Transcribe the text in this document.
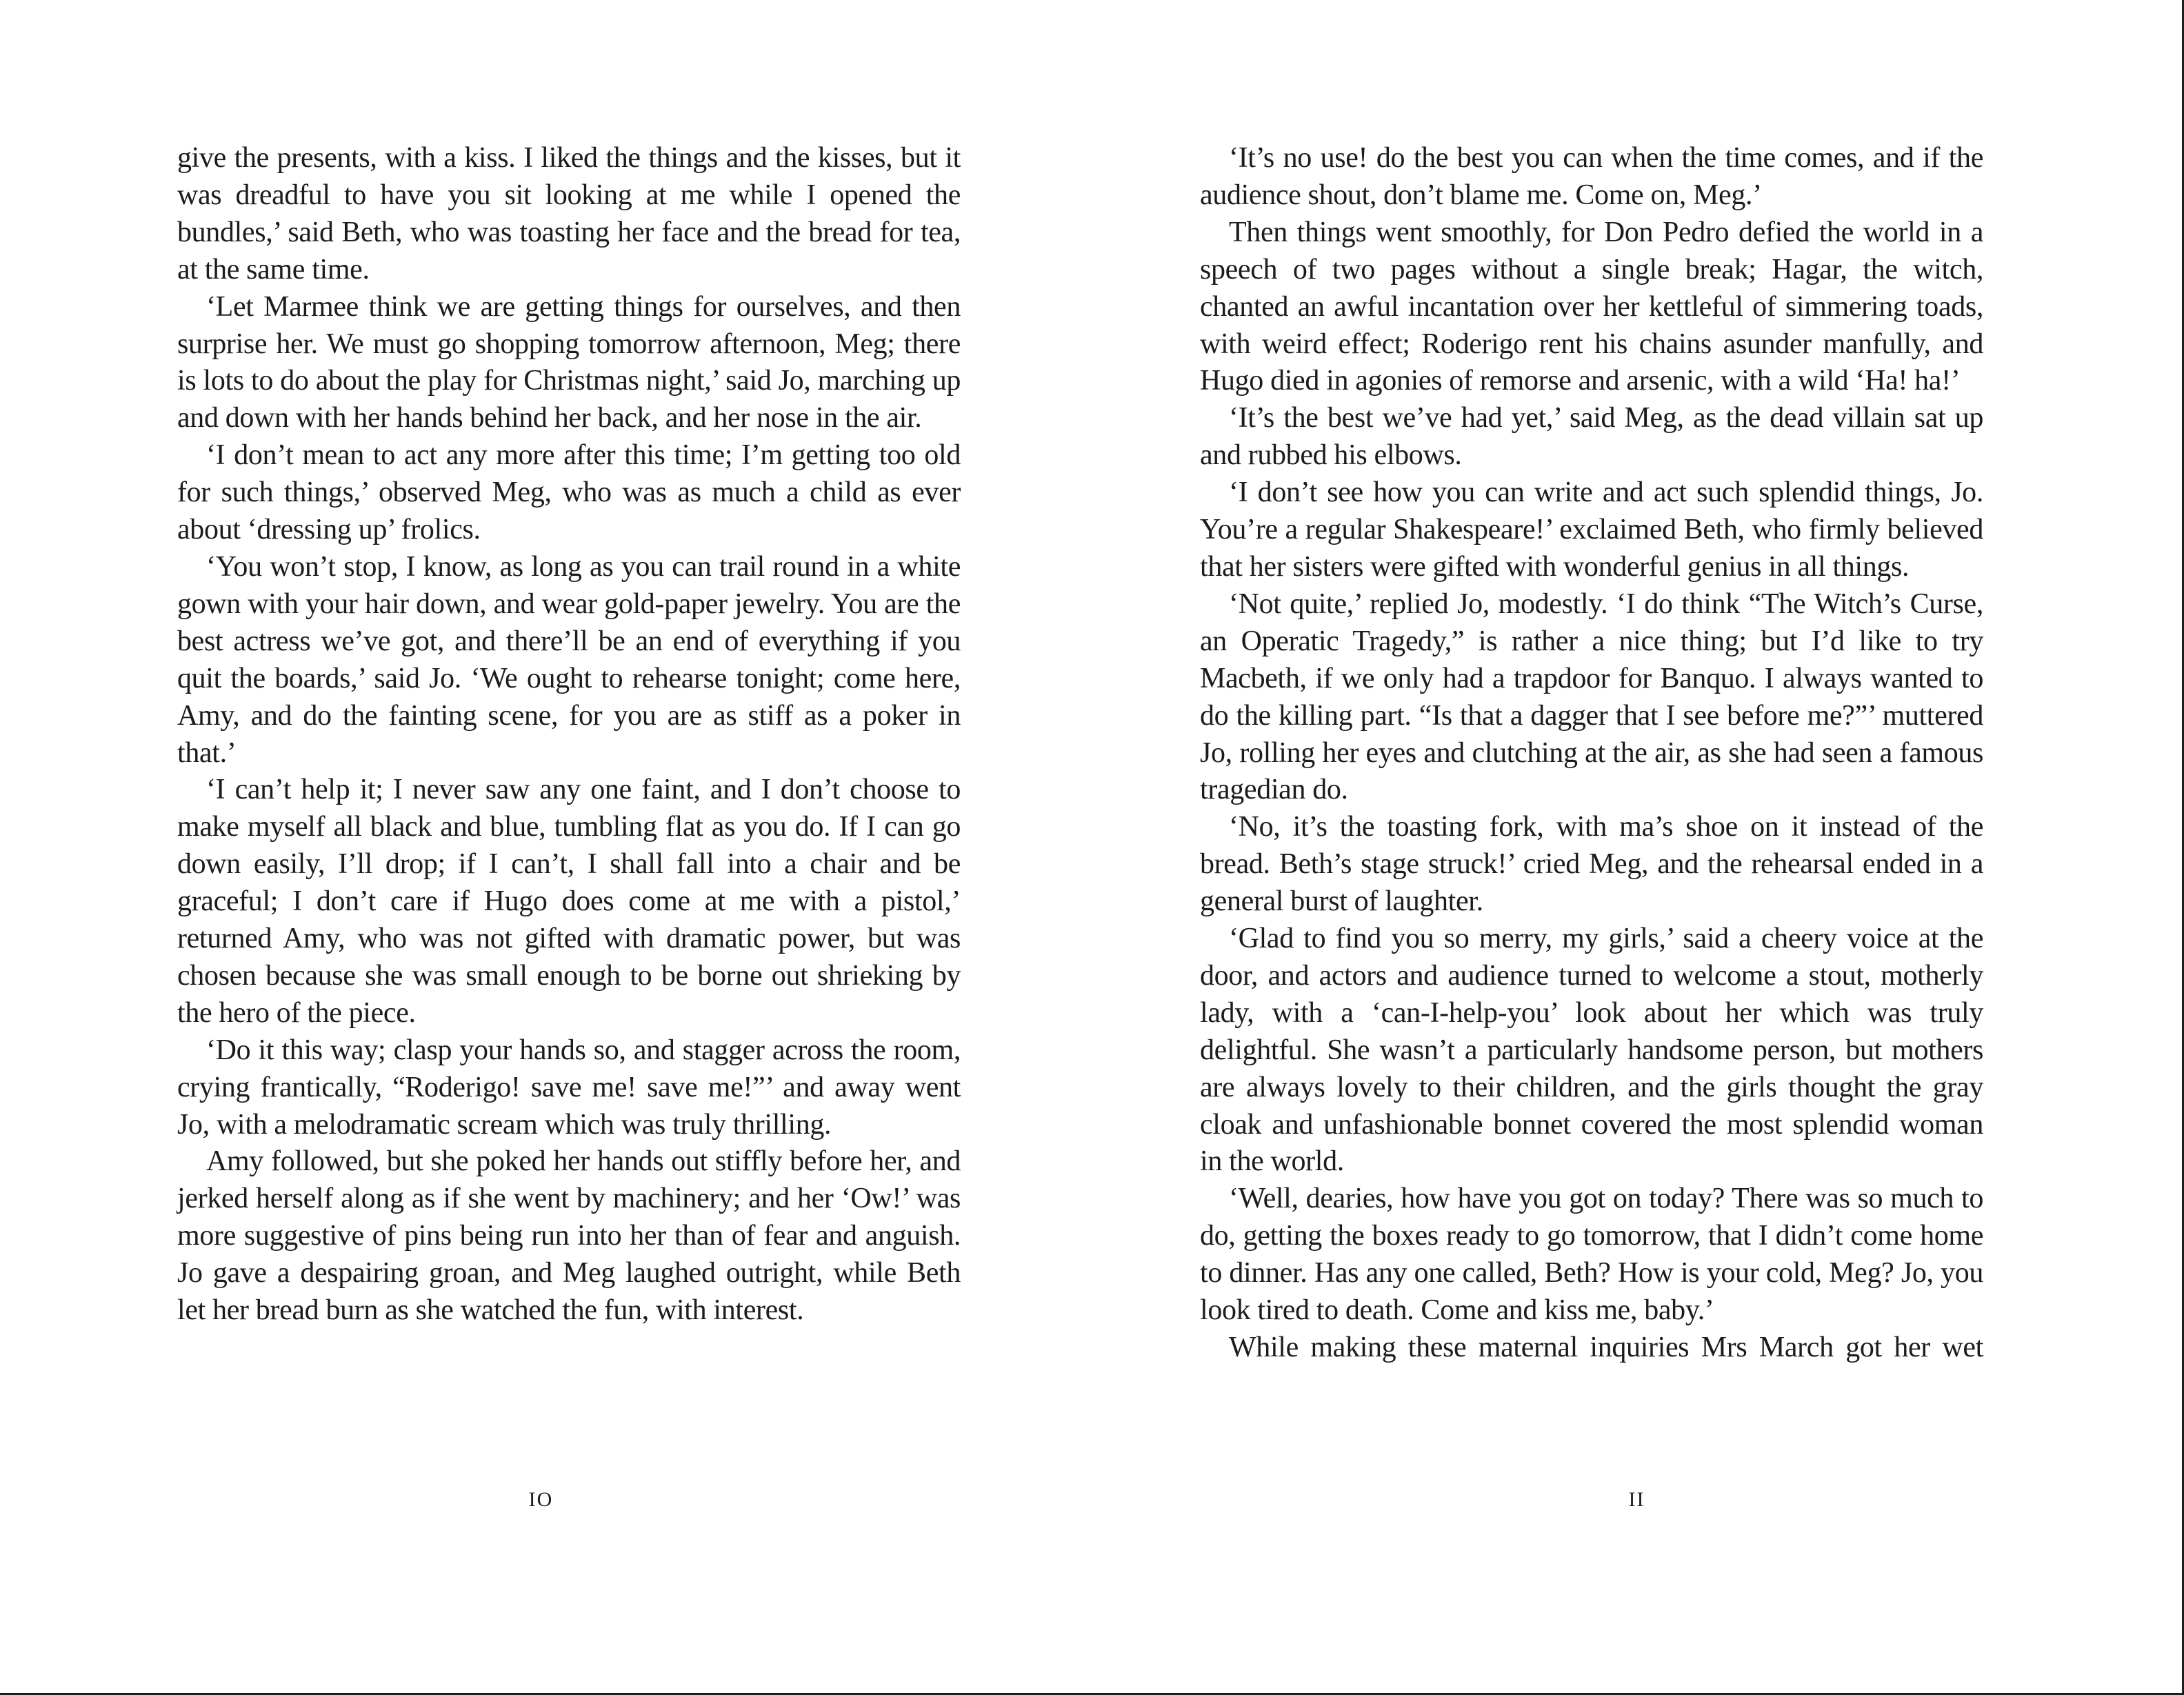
give the presents, with a kiss. I liked the things and the kisses, but it was dreadful to have you sit looking at me while I opened the bundles,’ said Beth, who was toasting her face and the bread for tea, at the same time.

‘Let Marmee think we are getting things for ourselves, and then surprise her. We must go shopping tomorrow afternoon, Meg; there is lots to do about the play for Christmas night,’ said Jo, marching up and down with her hands behind her back, and her nose in the air.

‘I don’t mean to act any more after this time; I’m getting too old for such things,’ observed Meg, who was as much a child as ever about ‘dressing up’ frolics.

‘You won’t stop, I know, as long as you can trail round in a white gown with your hair down, and wear gold-paper jewelry. You are the best actress we’ve got, and there’ll be an end of everything if you quit the boards,’ said Jo. ‘We ought to rehearse tonight; come here, Amy, and do the fainting scene, for you are as stiff as a poker in that.’

‘I can’t help it; I never saw any one faint, and I don’t choose to make myself all black and blue, tumbling flat as you do. If I can go down easily, I’ll drop; if I can’t, I shall fall into a chair and be graceful; I don’t care if Hugo does come at me with a pistol,’ returned Amy, who was not gifted with dramatic power, but was chosen because she was small enough to be borne out shrieking by the hero of the piece.

‘Do it this way; clasp your hands so, and stagger across the room, crying frantically, “Roderigo! save me! save me!”’ and away went Jo, with a melodramatic scream which was truly thrilling.

Amy followed, but she poked her hands out stiffly before her, and jerked herself along as if she went by machinery; and her ‘Ow!’ was more suggestive of pins being run into her than of fear and anguish. Jo gave a despairing groan, and Meg laughed outright, while Beth let her bread burn as she watched the fun, with interest.

IO

‘It’s no use! do the best you can when the time comes, and if the audience shout, don’t blame me. Come on, Meg.’

Then things went smoothly, for Don Pedro defied the world in a speech of two pages without a single break; Hagar, the witch, chanted an awful incantation over her kettleful of simmering toads, with weird effect; Roderigo rent his chains asunder manfully, and Hugo died in agonies of remorse and arsenic, with a wild ‘Ha! ha!’

‘It’s the best we’ve had yet,’ said Meg, as the dead villain sat up and rubbed his elbows.

‘I don’t see how you can write and act such splendid things, Jo. You’re a regular Shakespeare!’ exclaimed Beth, who firmly believed that her sisters were gifted with wonderful genius in all things.

‘Not quite,’ replied Jo, modestly. ‘I do think “The Witch’s Curse, an Operatic Tragedy,” is rather a nice thing; but I’d like to try Macbeth, if we only had a trapdoor for Banquo. I always wanted to do the killing part. “Is that a dagger that I see before me?”’ muttered Jo, rolling her eyes and clutching at the air, as she had seen a famous tragedian do.

‘No, it’s the toasting fork, with ma’s shoe on it instead of the bread. Beth’s stage struck!’ cried Meg, and the rehearsal ended in a general burst of laughter.

‘Glad to find you so merry, my girls,’ said a cheery voice at the door, and actors and audience turned to welcome a stout, motherly lady, with a ‘can-I-help-you’ look about her which was truly delightful. She wasn’t a particularly handsome person, but mothers are always lovely to their children, and the girls thought the gray cloak and unfashionable bonnet covered the most splendid woman in the world.

‘Well, dearies, how have you got on today? There was so much to do, getting the boxes ready to go tomorrow, that I didn’t come home to dinner. Has any one called, Beth? How is your cold, Meg? Jo, you look tired to death. Come and kiss me, baby.’

While making these maternal inquiries Mrs March got her wet

II
